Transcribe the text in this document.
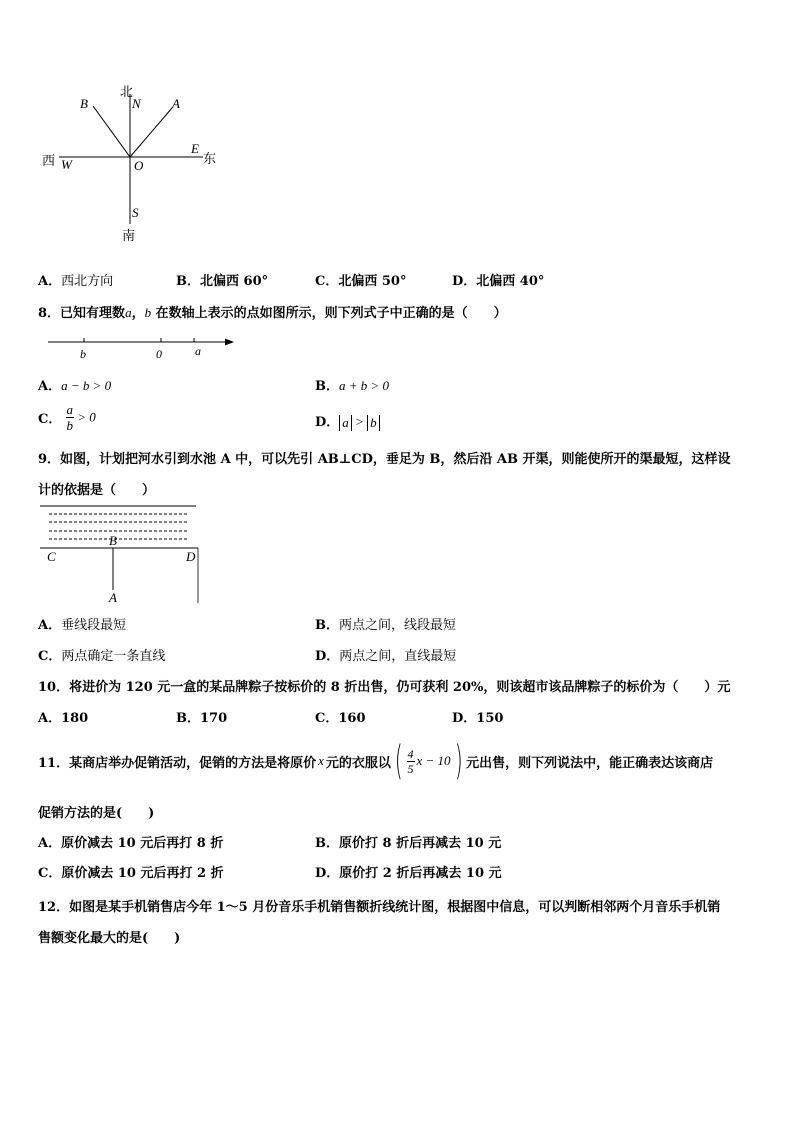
北
N
B	A
西 W	O
E
东
S
南
A．西北方向	B．北偏西 60°	C．北偏西 50°	D．北偏西 40°
8．已知有理数a，b 在数轴上表示的点如图所示，则下列式子中正确的是（　　）
b	0	a
A．a − b > 0	B．a + b > 0
C． $\frac{a}{b} > 0$	D． a > b
9．如图，计划把河水引到水池 A 中，可以先引 AB⊥CD，垂足为 B，然后沿 AB 开渠，则能使所开的渠最短，这样设
计的依据是（　　）
C
B
D
A
A．垂线段最短	B．两点之间，线段最短
C．两点确定一条直线	D．两点之间，直线最短
10．将进价为 120 元一盒的某品牌粽子按标价的 8 折出售，仍可获利 20%，则该超市该品牌粽子的标价为（　　）元
A．180	B．170	C．160	D．150
11．某商店举办促销活动，促销的方法是将原价 x 元的衣服以 ( $\frac{4}{5}$ x − 10 ) 元出售，则下列说法中，能正确表达该商店
促销方法的是(　　)
A．原价减去 10 元后再打 8 折	B．原价打 8 折后再减去 10 元
C．原价减去 10 元后再打 2 折	D．原价打 2 折后再减去 10 元
12．如图是某手机销售店今年 1～5 月份音乐手机销售额折线统计图，根据图中信息，可以判断相邻两个月音乐手机销
售额变化最大的是(　　)
